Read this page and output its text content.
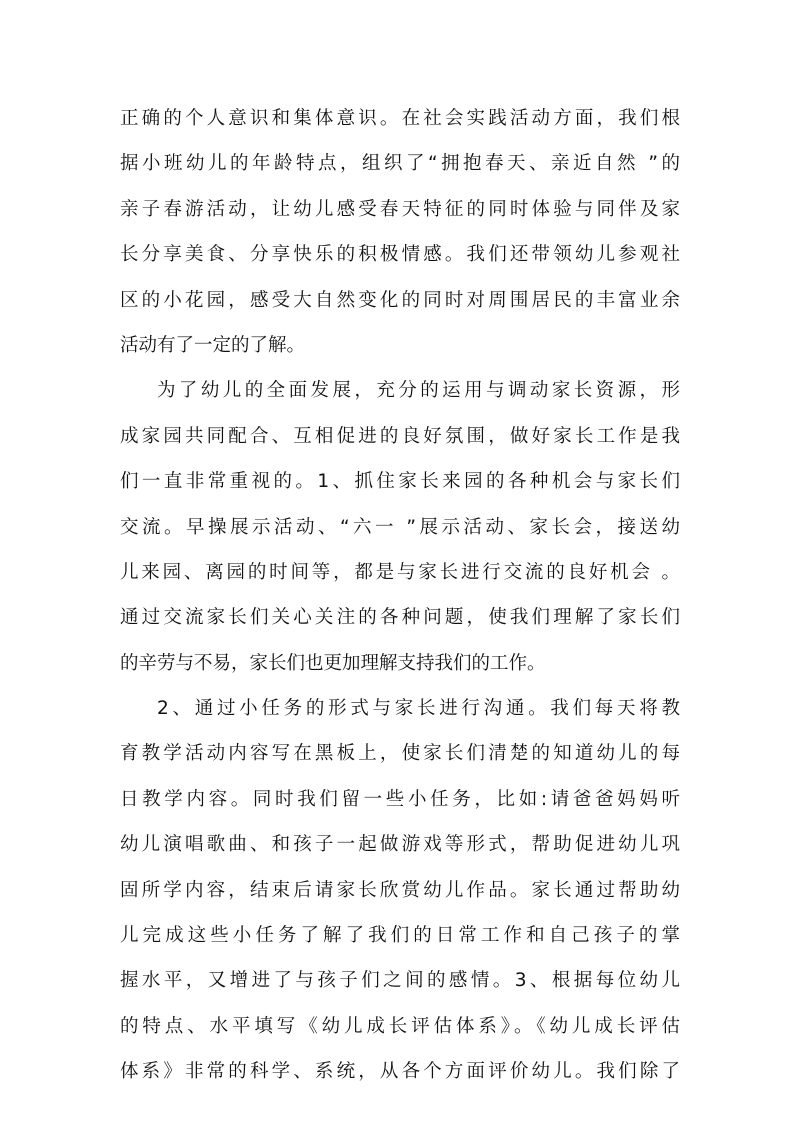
正确的个人意识和集体意识。在社会实践活动方面，我们根
据小班幼儿的年龄特点，组织了“拥抱春天、亲近自然 ”的
亲子春游活动，让幼儿感受春天特征的同时体验与同伴及家
长分享美食、分享快乐的积极情感。我们还带领幼儿参观社
区的小花园，感受大自然变化的同时对周围居民的丰富业余
活动有了一定的了解。
为了幼儿的全面发展，充分的运用与调动家长资源，形
成家园共同配合、互相促进的良好氛围，做好家长工作是我
们一直非常重视的。1、抓住家长来园的各种机会与家长们
交流。早操展示活动、“六一 ”展示活动、家长会，接送幼
儿来园、离园的时间等，都是与家长进行交流的良好机会 。
通过交流家长们关心关注的各种问题，使我们理解了家长们
的辛劳与不易，家长们也更加理解支持我们的工作。
2、通过小任务的形式与家长进行沟通。我们每天将教
育教学活动内容写在黑板上，使家长们清楚的知道幼儿的每
日教学内容。同时我们留一些小任务，比如:请爸爸妈妈听
幼儿演唱歌曲、和孩子一起做游戏等形式，帮助促进幼儿巩
固所学内容，结束后请家长欣赏幼儿作品。家长通过帮助幼
儿完成这些小任务了解了我们的日常工作和自己孩子的掌
握水平，又增进了与孩子们之间的感情。3、根据每位幼儿
的特点、水平填写《幼儿成长评估体系》。《幼儿成长评估
体系》非常的科学、系统，从各个方面评价幼儿。我们除了
